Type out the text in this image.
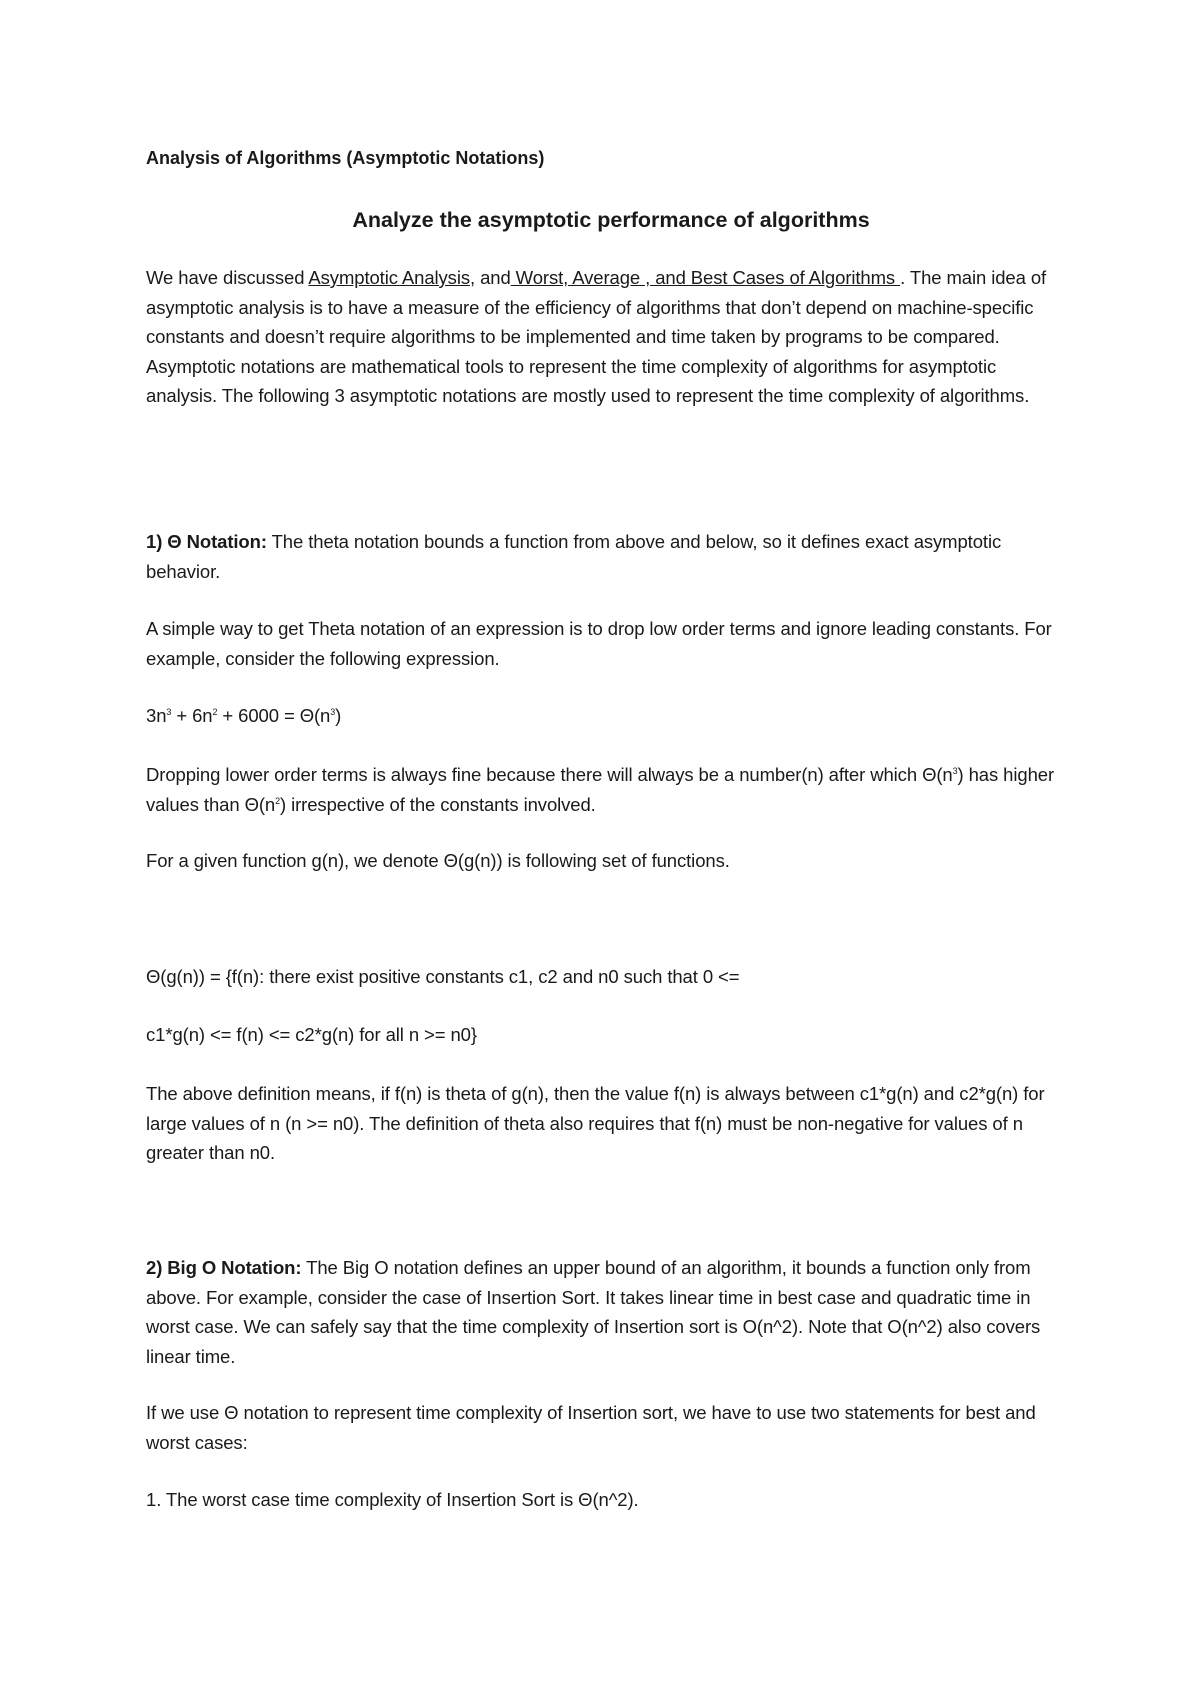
Analysis of Algorithms (Asymptotic Notations)

Analyze the asymptotic performance of algorithms

We have discussed Asymptotic Analysis, and Worst, Average , and Best Cases of Algorithms . The main idea of asymptotic analysis is to have a measure of the efficiency of algorithms that don’t depend on machine-specific constants and doesn’t require algorithms to be implemented and time taken by programs to be compared. Asymptotic notations are mathematical tools to represent the time complexity of algorithms for asymptotic analysis. The following 3 asymptotic notations are mostly used to represent the time complexity of algorithms.

1) Θ Notation: The theta notation bounds a function from above and below, so it defines exact asymptotic behavior.

A simple way to get Theta notation of an expression is to drop low order terms and ignore leading constants. For example, consider the following expression.

$3n^3 + 6n^2 + 6000 = \Theta(n^3)$

Dropping lower order terms is always fine because there will always be a number(n) after which $\Theta(n^3)$ has higher values than $\Theta(n^2)$ irrespective of the constants involved.

For a given function g(n), we denote Θ(g(n)) is following set of functions.

Θ(g(n)) = {f(n): there exist positive constants c1, c2 and n0 such that 0 <=

c1*g(n) <= f(n) <= c2*g(n) for all n >= n0}

The above definition means, if f(n) is theta of g(n), then the value f(n) is always between c1*g(n) and c2*g(n) for large values of n (n >= n0). The definition of theta also requires that f(n) must be non-negative for values of n greater than n0.

2) Big O Notation: The Big O notation defines an upper bound of an algorithm, it bounds a function only from above. For example, consider the case of Insertion Sort. It takes linear time in best case and quadratic time in worst case. We can safely say that the time complexity of Insertion sort is O(n^2). Note that O(n^2) also covers linear time.

If we use Θ notation to represent time complexity of Insertion sort, we have to use two statements for best and worst cases:

1. The worst case time complexity of Insertion Sort is Θ(n^2).
